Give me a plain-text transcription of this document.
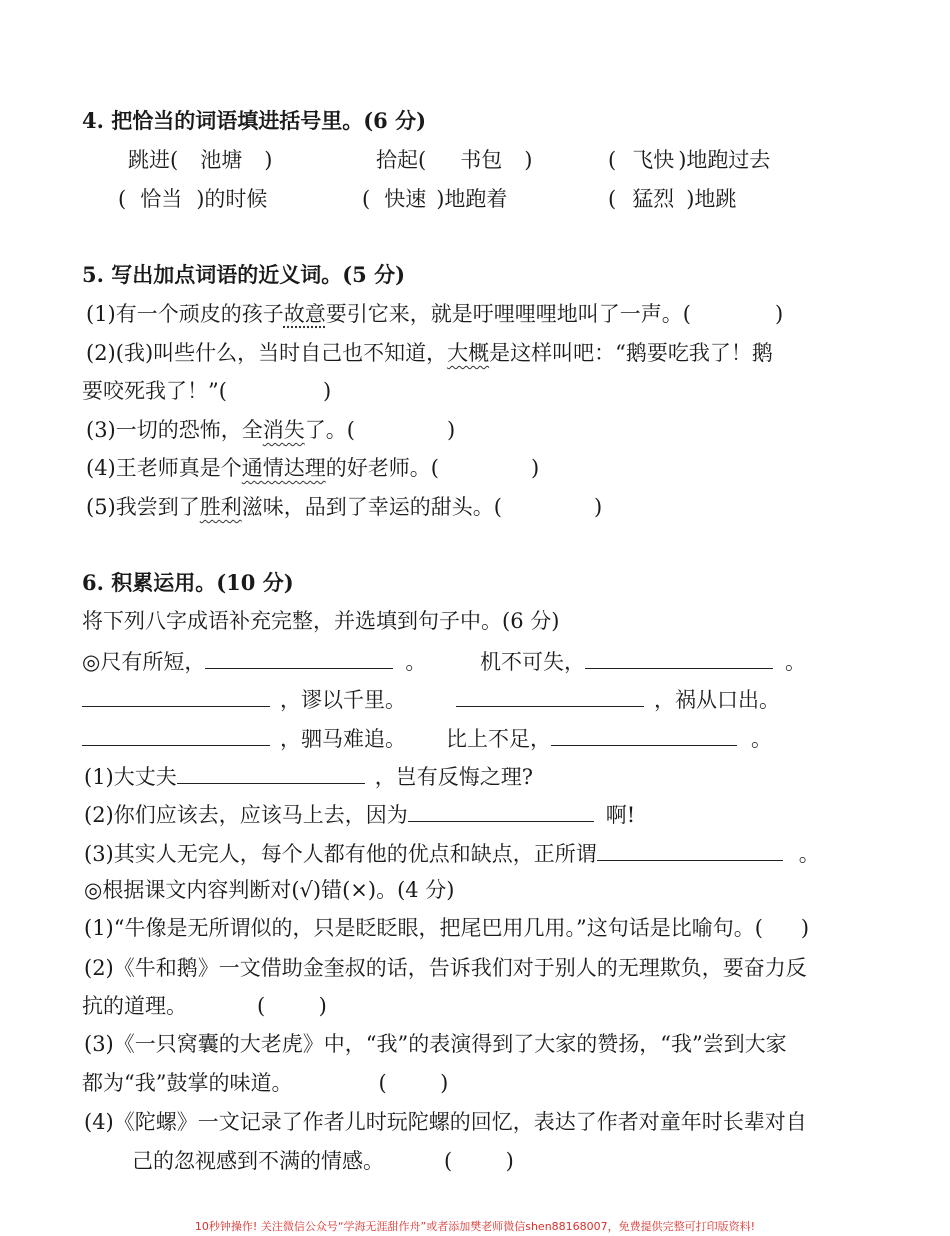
4. 把恰当的词语填进括号里。(6 分)
跳进( 池塘 )	拾起( 书包 )	( 飞快 )地跑过去
( 恰当 )的时候	( 快速 )地跑着	( 猛烈 )地跳
5. 写出加点词语的近义词。(5 分)
(1)有一个顽皮的孩子故意要引它来，就是吁哩哩哩地叫了一声。(	)
(2)(我)叫些什么，当时自己也不知道，大概是这样叫吧：“鹅要吃我了！鹅
要咬死我了！”(	)
(3)一切的恐怖，全消失了。(	)
(4)王老师真是个通情达理的好老师。(	)
(5)我尝到了胜利滋味，品到了幸运的甜头。(	)
6. 积累运用。(10 分)
将下列八字成语补充完整，并选填到句子中。(6 分)
◎尺有所短，	。	机不可失，	。
，谬以千里。	，祸从口出。
，驷马难追。 比上不足，	。
(1)大丈夫	，岂有反悔之理?
(2)你们应该去，应该马上去，因为	啊!
(3)其实人无完人，每个人都有他的优点和缺点，正所谓	。
◎根据课文内容判断对(√)错(×)。(4 分)
(1)“牛像是无所谓似的，只是眨眨眼，把尾巴用几用。”这句话是比喻句。( )
(2)《牛和鹅》一文借助金奎叔的话，告诉我们对于别人的无理欺负，要奋力反
抗的道理。	(        )
(3)《一只窝囊的大老虎》中，“我”的表演得到了大家的赞扬，“我”尝到大家
都为“我”鼓掌的味道。	(        )
(4)《陀螺》一文记录了作者儿时玩陀螺的回忆，表达了作者对童年时长辈对自
己的忽视感到不满的情感。	(        )
10秒钟操作! 关注微信公众号“学海无涯甜作舟”或者添加樊老师微信shen88168007，免费提供完整可打印版资料!
